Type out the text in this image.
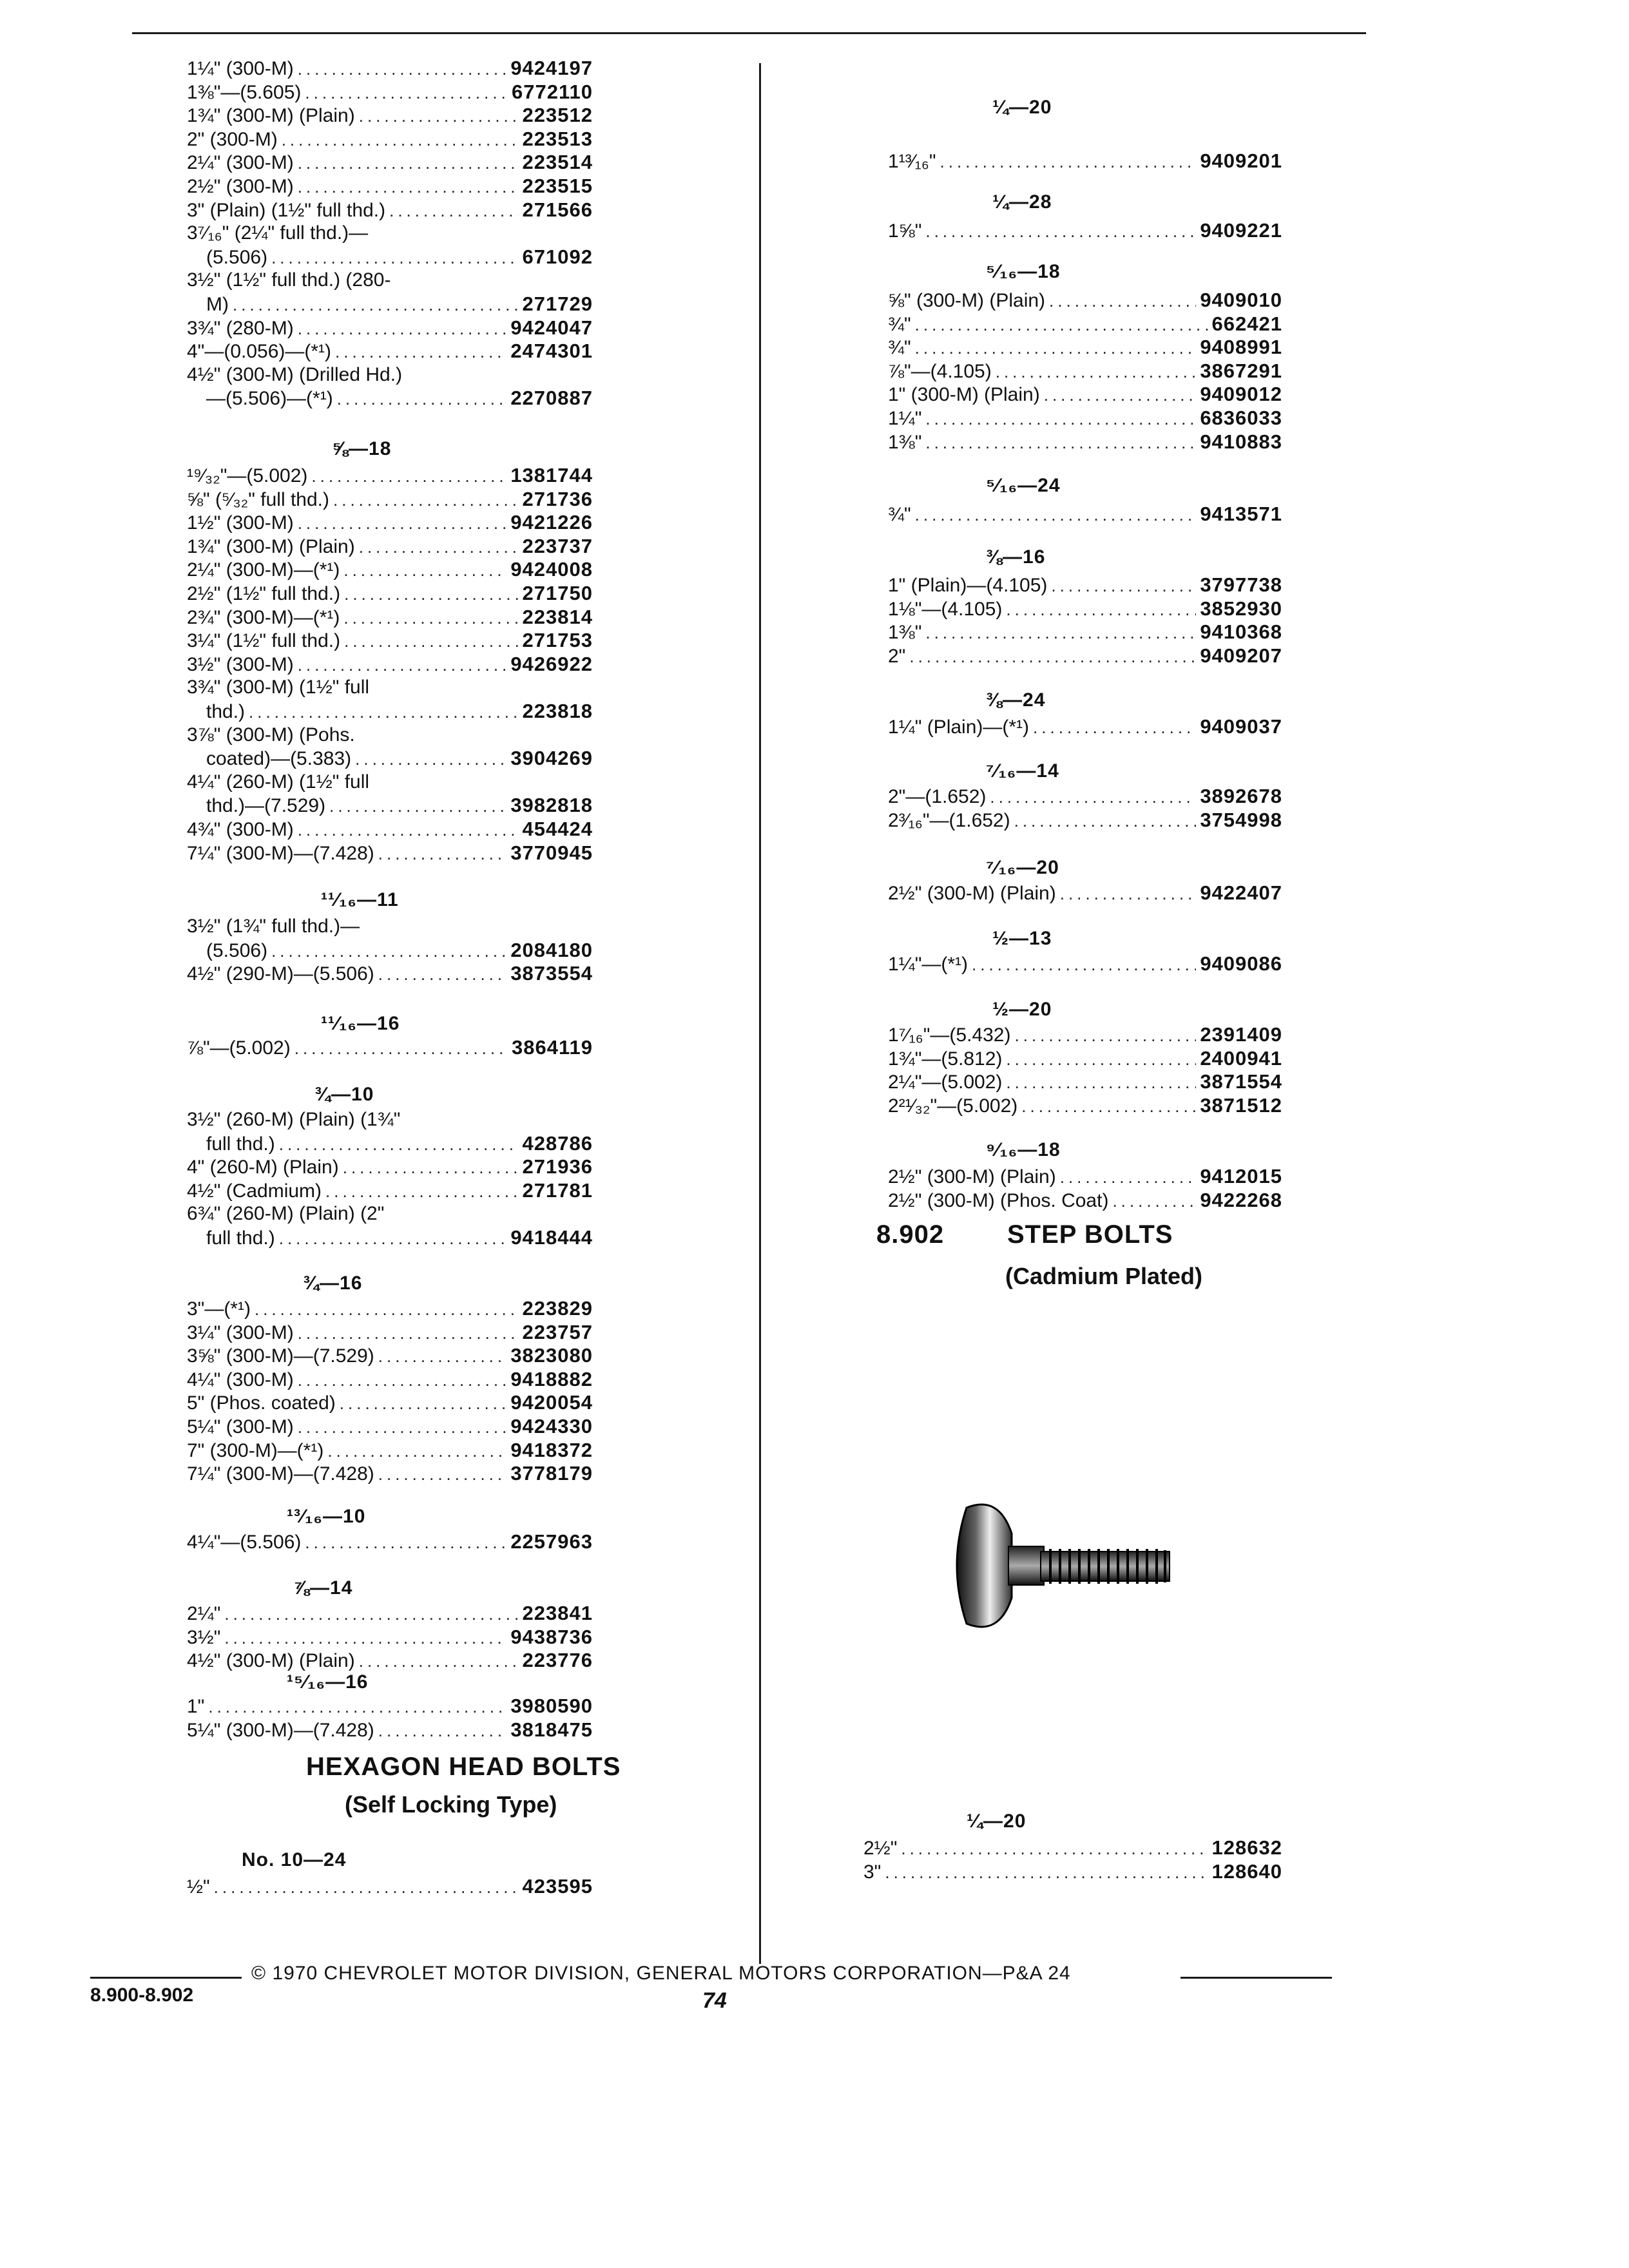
1¼" (300-M) .....	9424197
1⅜"—(5.605) .....	6772110
1¾" (300-M) (Plain) .....	223512
2" (300-M) .....	223513
2¼" (300-M) .....	223514
2½" (300-M) .....	223515
3" (Plain) (1½" full thd.) .....	271566
3⁷⁄₁₆" (2¼" full thd.)—
(5.506) .....	671092
3½" (1½" full thd.) (280-
M) .....	271729
3¾" (280-M) .....	9424047
4"—(0.056)—(*¹) .....	2474301
4½" (300-M) (Drilled Hd.)
—(5.506)—(*¹) .....	2270887
⅝—18
¹⁹⁄₃₂"—(5.002) .....	1381744
⅝" (⁵⁄₃₂" full thd.) .....	271736
1½" (300-M) .....	9421226
1¾" (300-M) (Plain) .....	223737
2¼" (300-M)—(*¹) .....	9424008
2½" (1½" full thd.) .....	271750
2¾" (300-M)—(*¹) .....	223814
3¼" (1½" full thd.) .....	271753
3½" (300-M) .....	9426922
3¾" (300-M) (1½" full
thd.) .....	223818
3⅞" (300-M) (Pohs.
coated)—(5.383) .....	3904269
4¼" (260-M) (1½" full
thd.)—(7.529) .....	3982818
4¾" (300-M) .....	454424
7¼" (300-M)—(7.428) .....	3770945
¹¹⁄₁₆—11
3½" (1¾" full thd.)—
(5.506) .....	2084180
4½" (290-M)—(5.506) .....	3873554
¹¹⁄₁₆—16
⅞"—(5.002) .....	3864119
¾—10
3½" (260-M) (Plain) (1¾"
full thd.) .....	428786
4" (260-M) (Plain) .....	271936
4½" (Cadmium) .....	271781
6¾" (260-M) (Plain) (2"
full thd.) .....	9418444
¾—16
3"—(*¹) .....	223829
3¼" (300-M) .....	223757
3⅝" (300-M)—(7.529) .....	3823080
4¼" (300-M) .....	9418882
5" (Phos. coated) .....	9420054
5¼" (300-M) .....	9424330
7" (300-M)—(*¹) .....	9418372
7¼" (300-M)—(7.428) .....	3778179
¹³⁄₁₆—10
4¼"—(5.506) .....	2257963
⅞—14
2¼" .....	223841
3½" .....	9438736
4½" (300-M) (Plain) .....	223776
¹⁵⁄₁₆—16
1" .....	3980590
5¼" (300-M)—(7.428) .....	3818475
No. 10—24
½" .....	423595
¼—20
1¹³⁄₁₆" .....	9409201
¼—28
1⅝" .....	9409221
⁵⁄₁₆—18
⅝" (300-M) (Plain) .....	9409010
¾" .....	662421
¾" .....	9408991
⅞"—(4.105) .....	3867291
1" (300-M) (Plain) .....	9409012
1¼" .....	6836033
1⅜" .....	9410883
⁵⁄₁₆—24
¾" .....	9413571
⅜—16
1" (Plain)—(4.105) .....	3797738
1⅛"—(4.105) .....	3852930
1⅜" .....	9410368
2" .....	9409207
⅜—24
1¼" (Plain)—(*¹) .....	9409037
⁷⁄₁₆—14
2"—(1.652) .....	3892678
2³⁄₁₆"—(1.652) .....	3754998
⁷⁄₁₆—20
2½" (300-M) (Plain) .....	9422407
½—13
1¼"—(*¹) .....	9409086
½—20
1⁷⁄₁₆"—(5.432) .....	2391409
1¾"—(5.812) .....	2400941
2¼"—(5.002) .....	3871554
2²¹⁄₃₂"—(5.002) .....	3871512
⁹⁄₁₆—18
2½" (300-M) (Plain) .....	9412015
2½" (300-M) (Phos. Coat) .....	9422268
¼—20
2½" .....	128632
3" .....	128640
HEXAGON HEAD BOLTS
(Self Locking Type)
8.902 STEP BOLTS
(Cadmium Plated)
© 1970 CHEVROLET MOTOR DIVISION, GENERAL MOTORS CORPORATION—P&A 24
8.900-8.902	74
